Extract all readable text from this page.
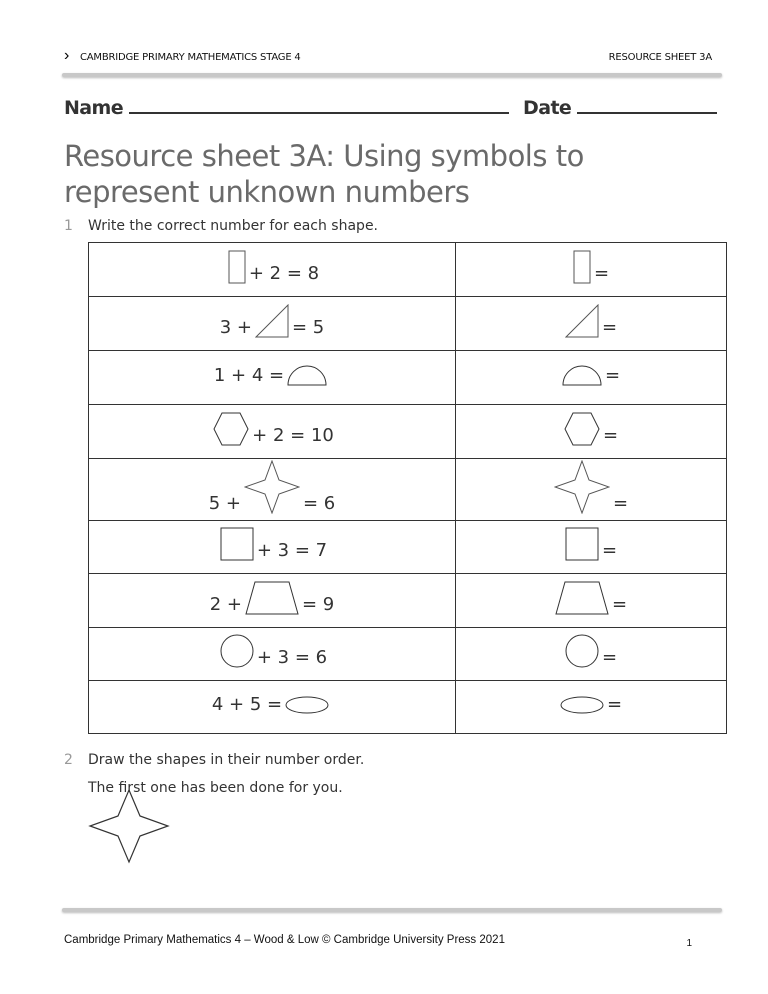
› CAMBRIDGE PRIMARY MATHEMATICS STAGE 4	RESOURCE SHEET 3A
Name	Date
Resource sheet 3A: Using symbols to represent unknown numbers
1 Write the correct number for each shape.
+ 2 = 8	=

3 + = 5	=

1 + 4 =	=

+ 2 = 10	=

5 + = 6	=

+ 3 = 7	=

2 + = 9	=

+ 3 = 6	=

4 + 5 =	=
2 Draw the shapes in their number order.
The first one has been done for you.
Cambridge Primary Mathematics 4 – Wood & Low © Cambridge University Press 2021	1
